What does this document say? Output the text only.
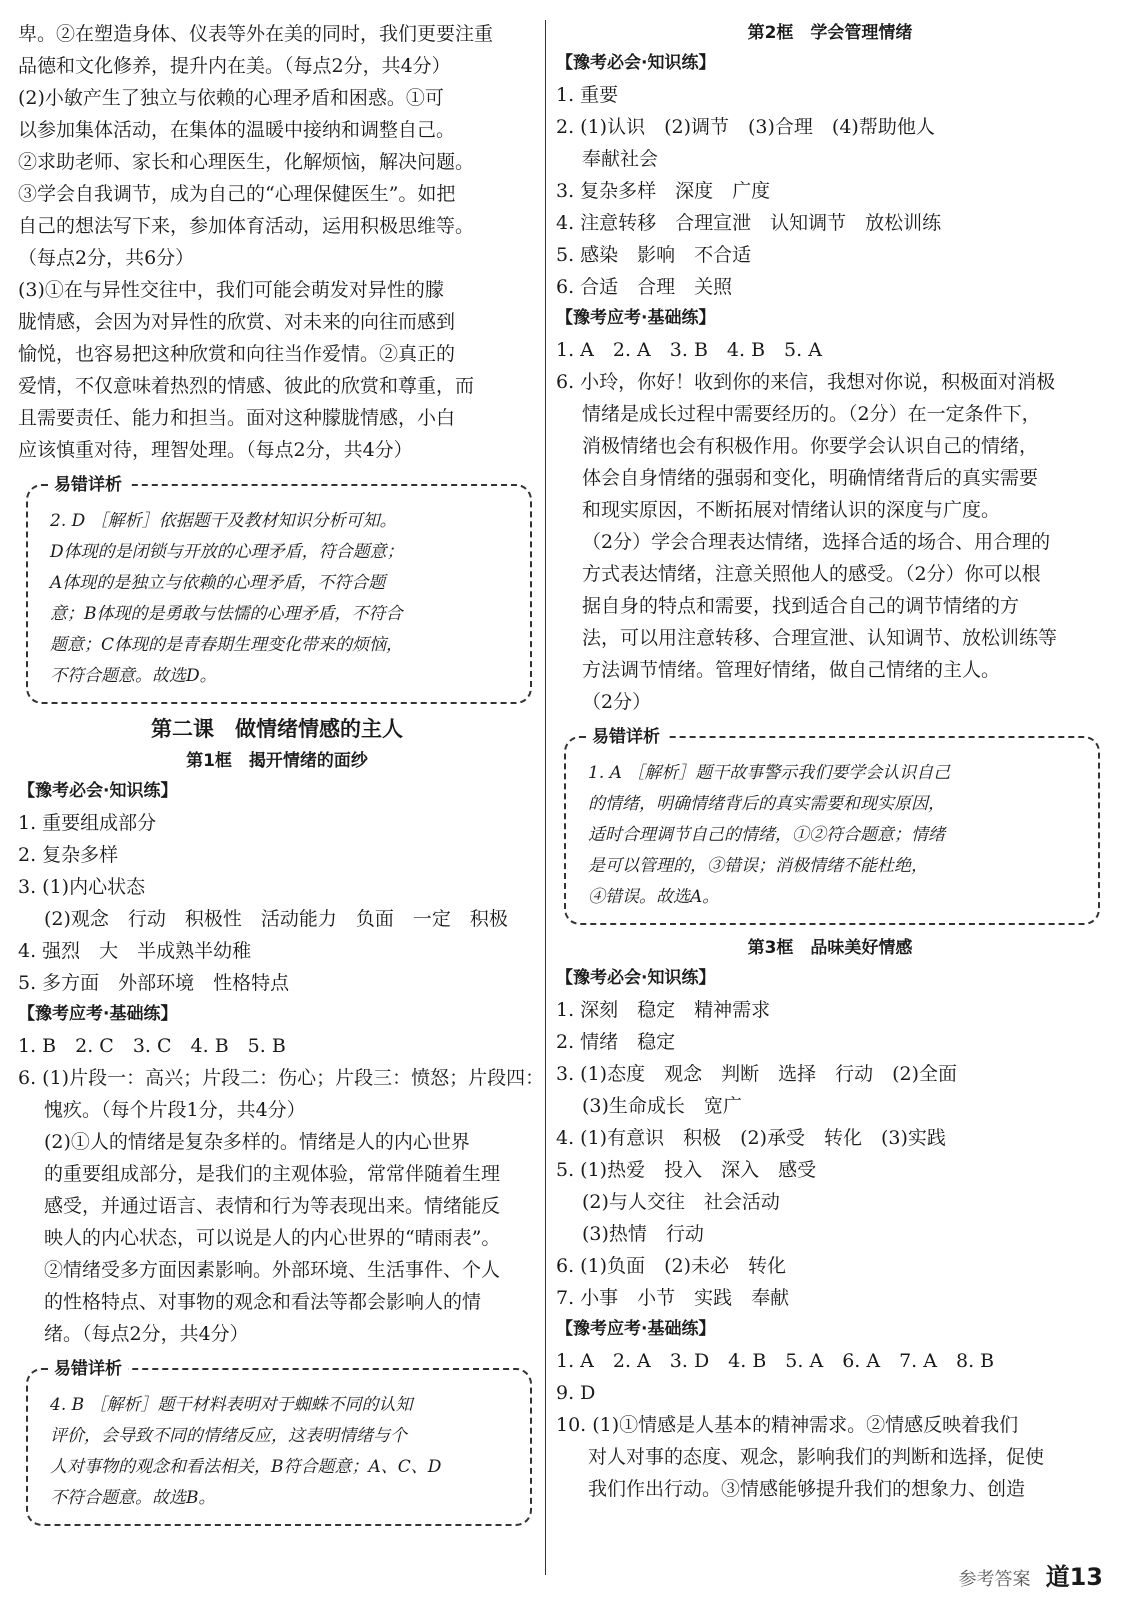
卑。②在塑造身体、仪表等外在美的同时，我们更要注重
品德和文化修养，提升内在美。（每点2分，共4分）
(2)小敏产生了独立与依赖的心理矛盾和困惑。①可
以参加集体活动，在集体的温暖中接纳和调整自己。
②求助老师、家长和心理医生，化解烦恼，解决问题。
③学会自我调节，成为自己的“心理保健医生”。如把
自己的想法写下来，参加体育活动，运用积极思维等。
（每点2分，共6分）
(3)①在与异性交往中，我们可能会萌发对异性的朦
胧情感，会因为对异性的欣赏、对未来的向往而感到
愉悦，也容易把这种欣赏和向往当作爱情。②真正的
爱情，不仅意味着热烈的情感、彼此的欣赏和尊重，而
且需要责任、能力和担当。面对这种朦胧情感，小白
应该慎重对待，理智处理。（每点2分，共4分）
易错详析
2. D ［解析］依据题干及教材知识分析可知。
D体现的是闭锁与开放的心理矛盾，符合题意；
A体现的是独立与依赖的心理矛盾，不符合题
意；B体现的是勇敢与怯懦的心理矛盾，不符合
题意；C体现的是青春期生理变化带来的烦恼，
不符合题意。故选D。
第二课　做情绪情感的主人
第1框　揭开情绪的面纱
【豫考必会·知识练】
1. 重要组成部分
2. 复杂多样
3. (1)内心状态
(2)观念　行动　积极性　活动能力　负面　一定　积极
4. 强烈　大　半成熟半幼稚
5. 多方面　外部环境　性格特点
【豫考应考·基础练】
1. B　2. C　3. C　4. B　5. B
6. (1)片段一：高兴；片段二：伤心；片段三：愤怒；片段四：
愧疚。（每个片段1分，共4分）
(2)①人的情绪是复杂多样的。情绪是人的内心世界
的重要组成部分，是我们的主观体验，常常伴随着生理
感受，并通过语言、表情和行为等表现出来。情绪能反
映人的内心状态，可以说是人的内心世界的“晴雨表”。
②情绪受多方面因素影响。外部环境、生活事件、个人
的性格特点、对事物的观念和看法等都会影响人的情
绪。（每点2分，共4分）
易错详析
4. B ［解析］题干材料表明对于蜘蛛不同的认知
评价，会导致不同的情绪反应，这表明情绪与个
人对事物的观念和看法相关，B符合题意；A、C、D
不符合题意。故选B。
第2框　学会管理情绪
【豫考必会·知识练】
1. 重要
2. (1)认识　(2)调节　(3)合理　(4)帮助他人
奉献社会
3. 复杂多样　深度　广度
4. 注意转移　合理宣泄　认知调节　放松训练
5. 感染　影响　不合适
6. 合适　合理　关照
【豫考应考·基础练】
1. A　2. A　3. B　4. B　5. A
6. 小玲，你好！收到你的来信，我想对你说，积极面对消极
情绪是成长过程中需要经历的。（2分）在一定条件下，
消极情绪也会有积极作用。你要学会认识自己的情绪，
体会自身情绪的强弱和变化，明确情绪背后的真实需要
和现实原因，不断拓展对情绪认识的深度与广度。
（2分）学会合理表达情绪，选择合适的场合、用合理的
方式表达情绪，注意关照他人的感受。（2分）你可以根
据自身的特点和需要，找到适合自己的调节情绪的方
法，可以用注意转移、合理宣泄、认知调节、放松训练等
方法调节情绪。管理好情绪，做自己情绪的主人。
（2分）
易错详析
1. A ［解析］题干故事警示我们要学会认识自己
的情绪，明确情绪背后的真实需要和现实原因，
适时合理调节自己的情绪，①②符合题意；情绪
是可以管理的，③错误；消极情绪不能杜绝，
④错误。故选A。
第3框　品味美好情感
【豫考必会·知识练】
1. 深刻　稳定　精神需求
2. 情绪　稳定
3. (1)态度　观念　判断　选择　行动　(2)全面
(3)生命成长　宽广
4. (1)有意识　积极　(2)承受　转化　(3)实践
5. (1)热爱　投入　深入　感受
(2)与人交往　社会活动
(3)热情　行动
6. (1)负面　(2)未必　转化
7. 小事　小节　实践　奉献
【豫考应考·基础练】
1. A　2. A　3. D　4. B　5. A　6. A　7. A　8. B
9. D
10. (1)①情感是人基本的精神需求。②情感反映着我们
对人对事的态度、观念，影响我们的判断和选择，促使
我们作出行动。③情感能够提升我们的想象力、创造
参考答案 道13
